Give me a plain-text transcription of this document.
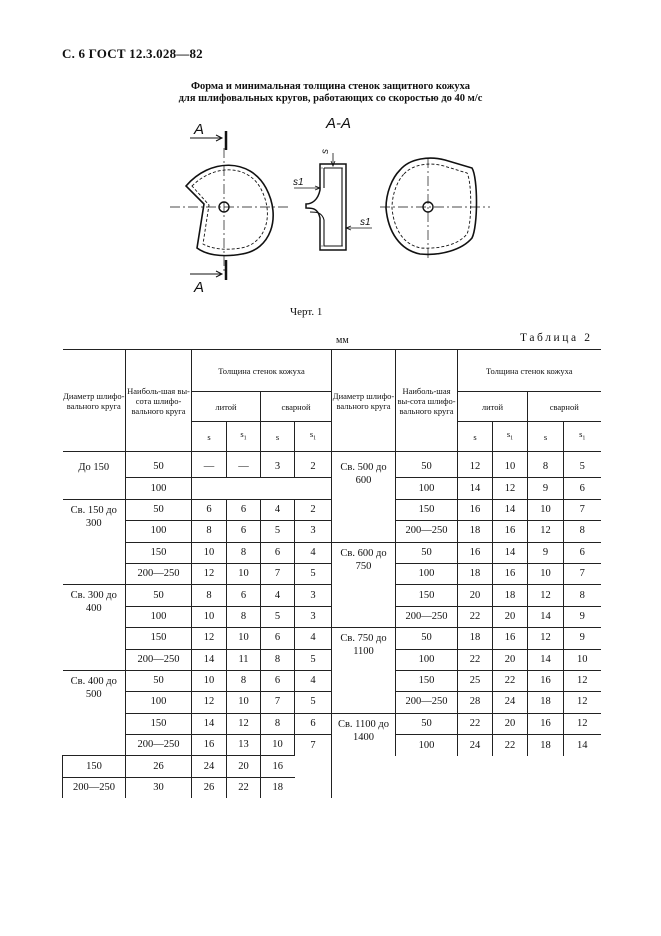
С. 6 ГОСТ 12.3.028—82
Форма и минимальная толщина стенок защитного кожуха
для шлифовальных кругов, работающих со скоростью до 40 м/с
A
A
А-А
s
s1
s1
Черт. 1
мм	Таблица 2
Диаметр шлифо-вального круга	Наиболь-шая вы-сота шлифо-вального круга	Толщина стенок кожуха				Диаметр шлифо-вального круга	Наиболь-шая вы-сота шлифо-вального круга	Толщина стенок кожуха			
		литой		сварной				литой		сварной	
		s	$s_1$	s	$s_1$			s	$s_1$	s	$s_1$

До 150	50	—	—	3	2	Св. 500 до 600	50	12	10	8	5
	100						100	14	12	9	6
Св. 150 до 300	50	6	6	4	2		150	16	14	10	7
	100	8	6	5	3		200—250	18	16	12	8
	150	10	8	6	4	Св. 600 до 750	50	16	14	9	6
	200—250	12	10	7	5		100	18	16	10	7
Св. 300 до 400	50	8	6	4	3		150	20	18	12	8
	100	10	8	5	3		200—250	22	20	14	9
	150	12	10	6	4	Св. 750 до 1100	50	18	16	12	9
	200—250	14	11	8	5		100	22	20	14	10
Св. 400 до 500	50	10	8	6	4		150	25	22	16	12
	100	12	10	7	5		200—250	28	24	18	12
	150	14	12	8	6	Св. 1100 до 1400	50	22	20	16	12
	200—250	16	13	10	7		100	24	22	18	14
150	26	24	20	16							
200—250	30	26	22	18							
